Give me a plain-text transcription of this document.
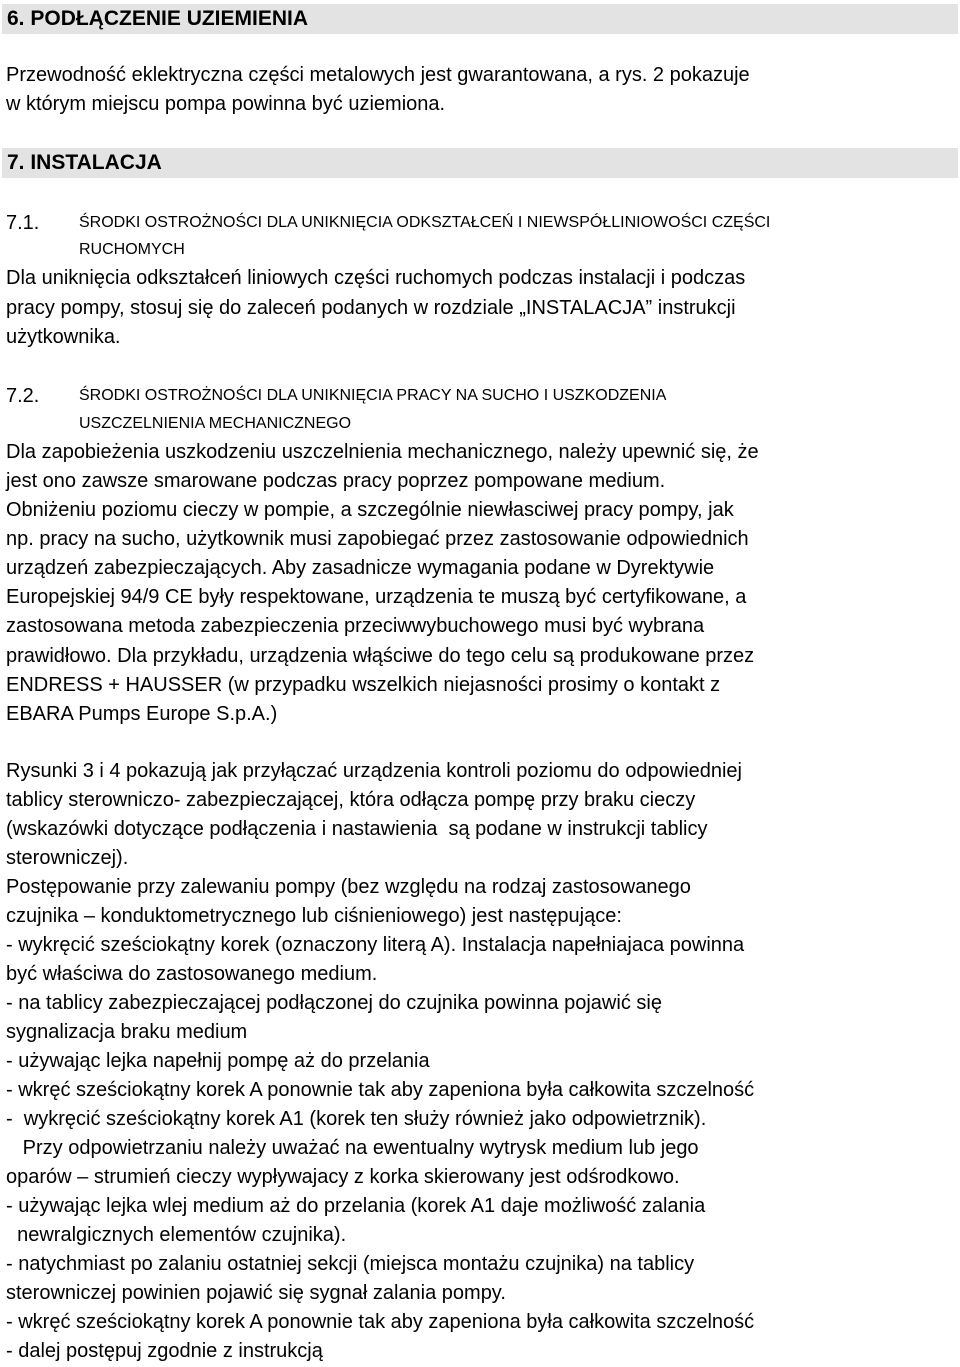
6. PODŁĄCZENIE UZIEMIENIA
Przewodność eklektryczna części metalowych jest gwarantowana, a rys. 2 pokazuje
w którym miejscu pompa powinna być uziemiona.
7. INSTALACJA
7.1. ŚRODKI OSTROŻNOŚCI DLA UNIKNIĘCIA ODKSZTAŁCEŃ I NIEWSPÓŁLINIOWOŚCI CZĘŚCI
RUCHOMYCH
Dla uniknięcia odkształceń liniowych części ruchomych podczas instalacji i podczas
pracy pompy, stosuj się do zaleceń podanych w rozdziale „INSTALACJA” instrukcji
użytkownika.
7.2. ŚRODKI OSTROŻNOŚCI DLA UNIKNIĘCIA PRACY NA SUCHO I USZKODZENIA
USZCZELNIENIA MECHANICZNEGO
Dla zapobieżenia uszkodzeniu uszczelnienia mechanicznego, należy upewnić się, że
jest ono zawsze smarowane podczas pracy poprzez pompowane medium.
Obniżeniu poziomu cieczy w pompie, a szczególnie niewłasciwej pracy pompy, jak
np. pracy na sucho, użytkownik musi zapobiegać przez zastosowanie odpowiednich
urządzeń zabezpieczających. Aby zasadnicze wymagania podane w Dyrektywie
Europejskiej 94/9 CE były respektowane, urządzenia te muszą być certyfikowane, a
zastosowana metoda zabezpieczenia przeciwwybuchowego musi być wybrana
prawidłowo. Dla przykładu, urządzenia włąściwe do tego celu są produkowane przez
ENDRESS + HAUSSER (w przypadku wszelkich niejasności prosimy o kontakt z
EBARA Pumps Europe S.p.A.)
Rysunki 3 i 4 pokazują jak przyłączać urządzenia kontroli poziomu do odpowiedniej
tablicy sterowniczo- zabezpieczającej, która odłącza pompę przy braku cieczy
(wskazówki dotyczące podłączenia i nastawienia  są podane w instrukcji tablicy
sterowniczej).
Postępowanie przy zalewaniu pompy (bez względu na rodzaj zastosowanego
czujnika – konduktometrycznego lub ciśnieniowego) jest następujące:
- wykręcić sześciokątny korek (oznaczony literą A). Instalacja napełniajaca powinna
być właściwa do zastosowanego medium.
- na tablicy zabezpieczającej podłączonej do czujnika powinna pojawić się
sygnalizacja braku medium
- używając lejka napełnij pompę aż do przelania
- wkręć sześciokątny korek A ponownie tak aby zapeniona była całkowita szczelność
-  wykręcić sześciokątny korek A1 (korek ten służy również jako odpowietrznik).
Przy odpowietrzaniu należy uważać na ewentualny wytrysk medium lub jego
oparów – strumień cieczy wypływajacy z korka skierowany jest odśrodkowo.
- używając lejka wlej medium aż do przelania (korek A1 daje możliwość zalania
newralgicznych elementów czujnika).
- natychmiast po zalaniu ostatniej sekcji (miejsca montażu czujnika) na tablicy
sterowniczej powinien pojawić się sygnał zalania pompy.
- wkręć sześciokątny korek A ponownie tak aby zapeniona była całkowita szczelność
- dalej postępuj zgodnie z instrukcją
